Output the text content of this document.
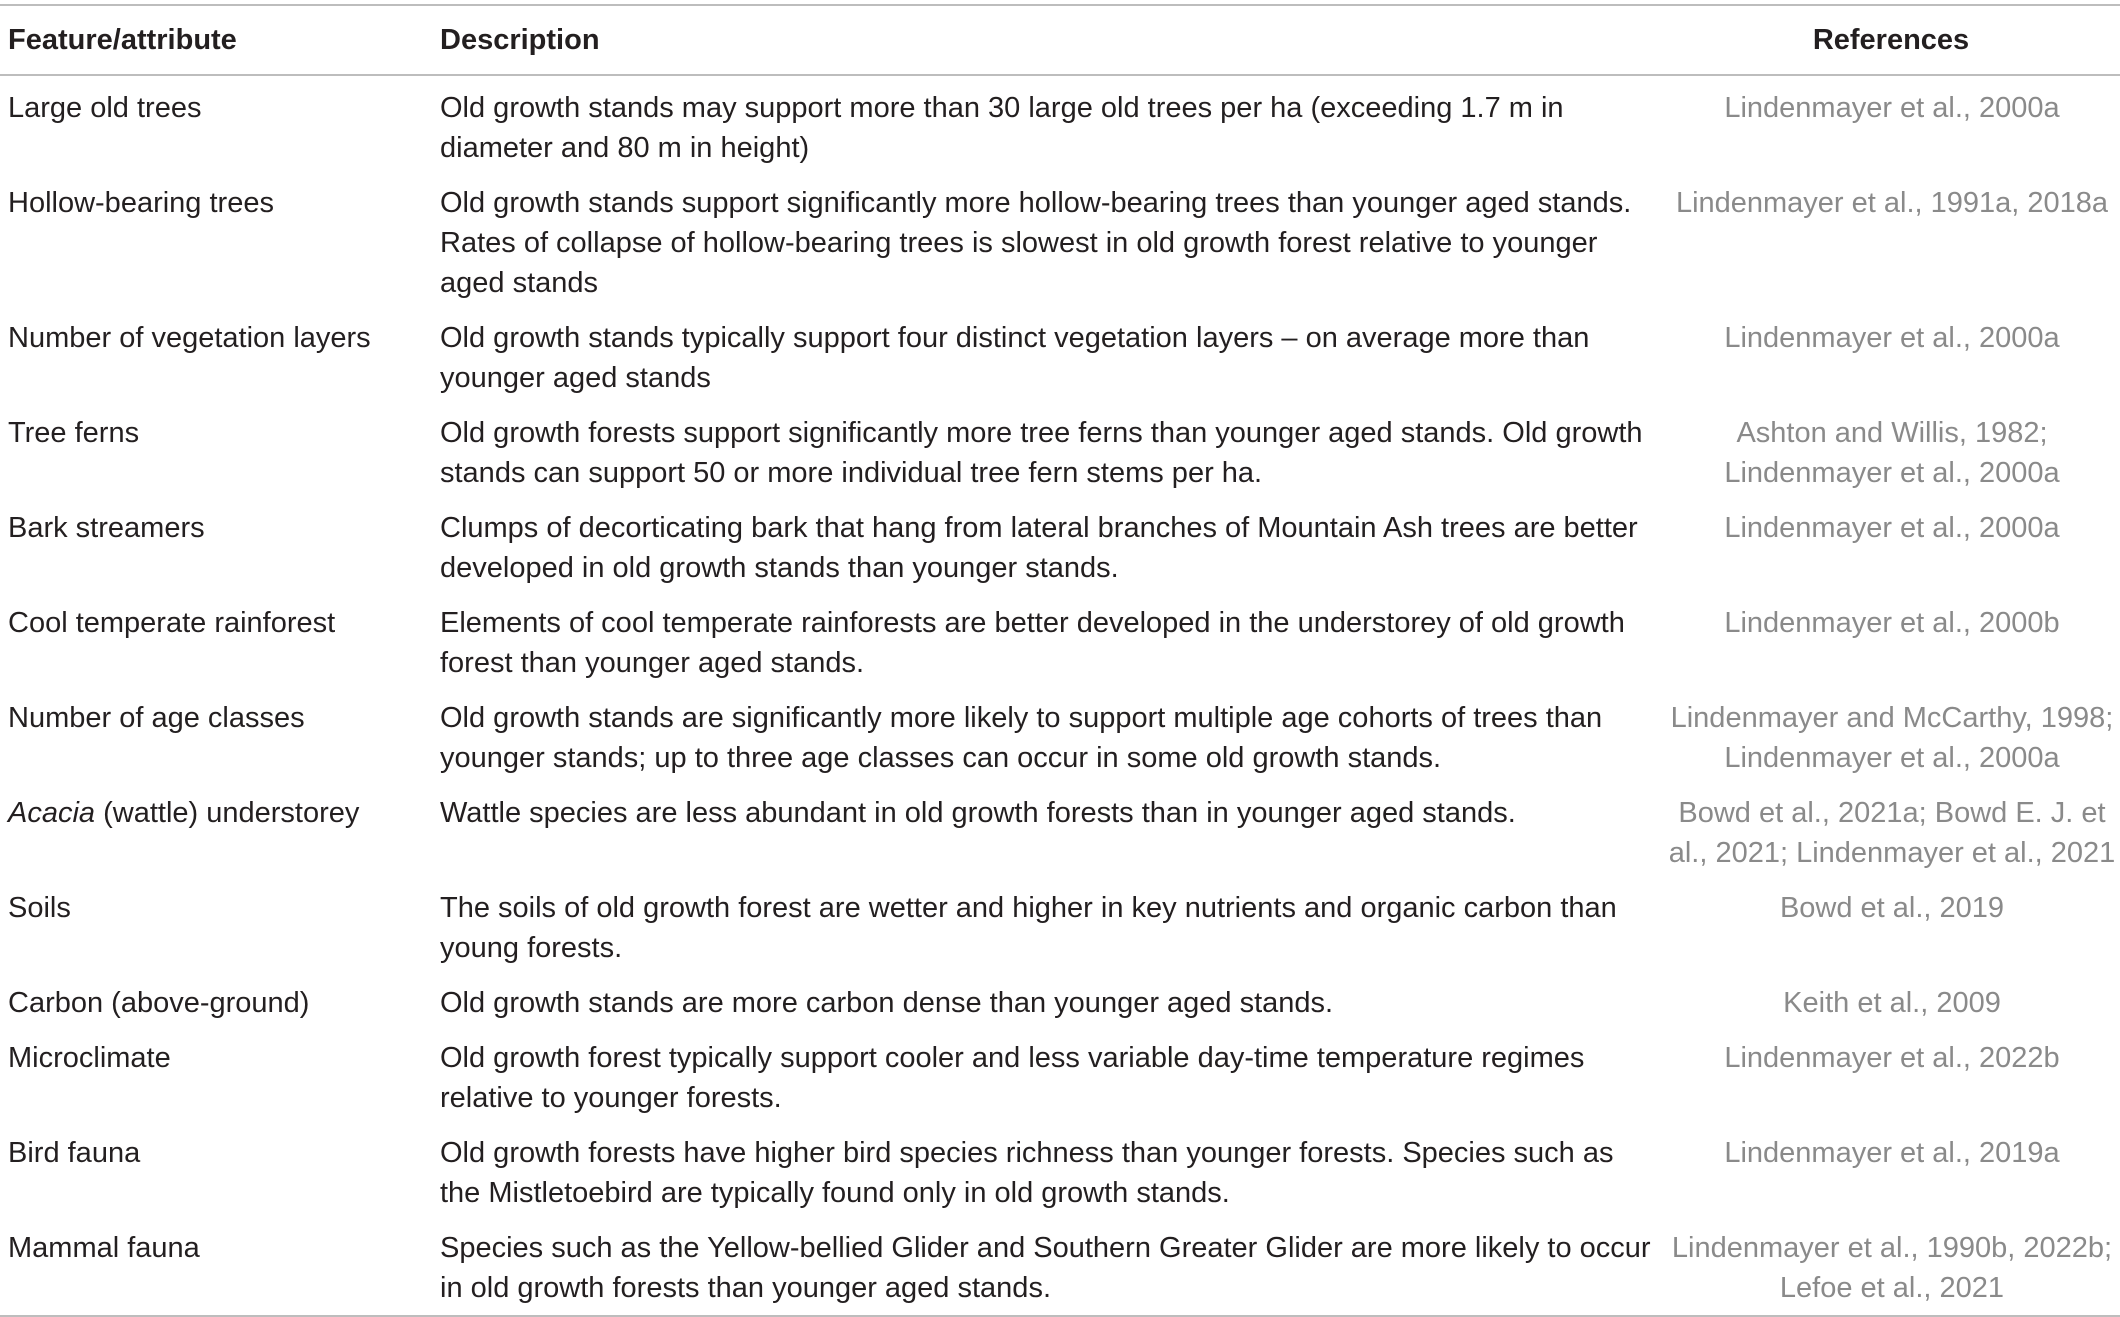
Feature/attribute	Description	References
Large old trees	Old growth stands may support more than 30 large old trees per ha (exceeding 1.7 m in diameter and 80 m in height)	Lindenmayer et al., 2000a
Hollow-bearing trees	Old growth stands support significantly more hollow-bearing trees than younger aged stands. Rates of collapse of hollow-bearing trees is slowest in old growth forest relative to younger aged stands	Lindenmayer et al., 1991a, 2018a
Number of vegetation layers	Old growth stands typically support four distinct vegetation layers – on average more than younger aged stands	Lindenmayer et al., 2000a
Tree ferns	Old growth forests support significantly more tree ferns than younger aged stands. Old growth stands can support 50 or more individual tree fern stems per ha.	Ashton and Willis, 1982; Lindenmayer et al., 2000a
Bark streamers	Clumps of decorticating bark that hang from lateral branches of Mountain Ash trees are better developed in old growth stands than younger stands.	Lindenmayer et al., 2000a
Cool temperate rainforest	Elements of cool temperate rainforests are better developed in the understorey of old growth forest than younger aged stands.	Lindenmayer et al., 2000b
Number of age classes	Old growth stands are significantly more likely to support multiple age cohorts of trees than younger stands; up to three age classes can occur in some old growth stands.	Lindenmayer and McCarthy, 1998; Lindenmayer et al., 2000a
Acacia (wattle) understorey	Wattle species are less abundant in old growth forests than in younger aged stands.	Bowd et al., 2021a; Bowd E. J. et al., 2021; Lindenmayer et al., 2021
Soils	The soils of old growth forest are wetter and higher in key nutrients and organic carbon than young forests.	Bowd et al., 2019
Carbon (above-ground)	Old growth stands are more carbon dense than younger aged stands.	Keith et al., 2009
Microclimate	Old growth forest typically support cooler and less variable day-time temperature regimes relative to younger forests.	Lindenmayer et al., 2022b
Bird fauna	Old growth forests have higher bird species richness than younger forests. Species such as the Mistletoebird are typically found only in old growth stands.	Lindenmayer et al., 2019a
Mammal fauna	Species such as the Yellow-bellied Glider and Southern Greater Glider are more likely to occur in old growth forests than younger aged stands.	Lindenmayer et al., 1990b, 2022b; Lefoe et al., 2021
